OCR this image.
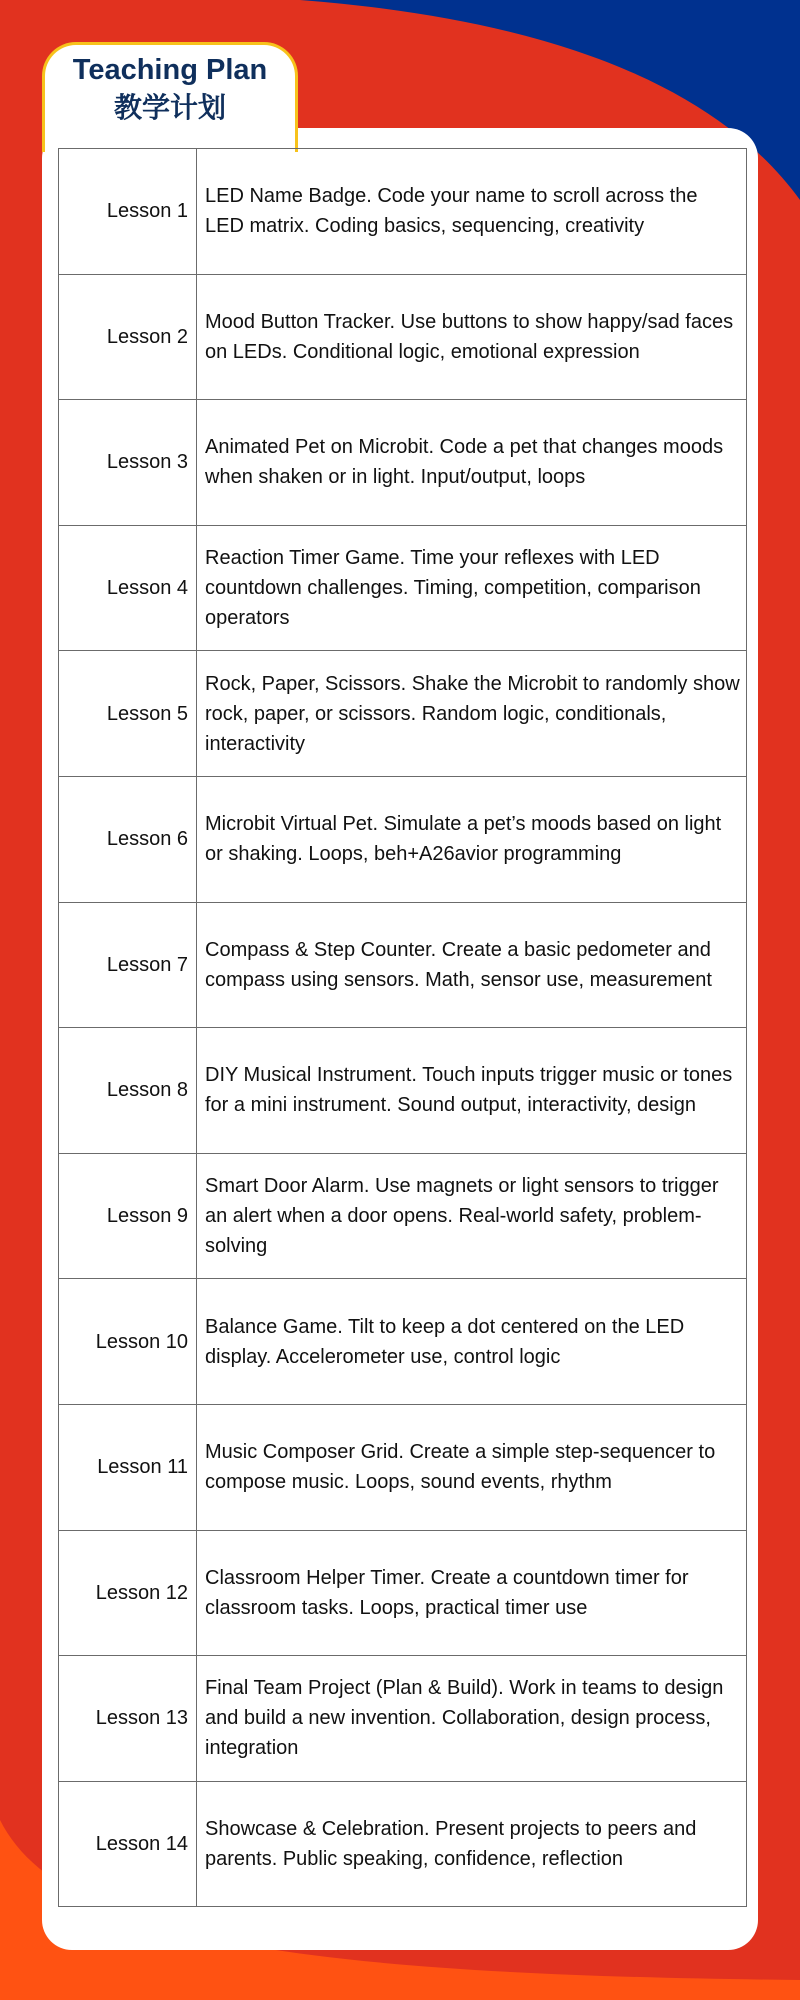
Teaching Plan
教学计划
Lesson 1	LED Name Badge. Code your name to scroll across the LED matrix. Coding basics, sequencing, creativity
Lesson 2	Mood Button Tracker. Use buttons to show happy/sad faces on LEDs. Conditional logic, emotional expression
Lesson 3	Animated Pet on Microbit. Code a pet that changes moods when shaken or in light. Input/output, loops
Lesson 4	Reaction Timer Game. Time your reflexes with LED countdown challenges. Timing, competition, comparison operators
Lesson 5	Rock, Paper, Scissors. Shake the Microbit to randomly show rock, paper, or scissors. Random logic, conditionals, interactivity
Lesson 6	Microbit Virtual Pet. Simulate a pet’s moods based on light or shaking. Loops, beh+A26avior programming
Lesson 7	Compass & Step Counter. Create a basic pedometer and compass using sensors. Math, sensor use, measurement
Lesson 8	DIY Musical Instrument. Touch inputs trigger music or tones for a mini instrument. Sound output, interactivity, design
Lesson 9	Smart Door Alarm. Use magnets or light sensors to trigger an alert when a door opens. Real-world safety, problem-solving
Lesson 10	Balance Game. Tilt to keep a dot centered on the LED display. Accelerometer use, control logic
Lesson 11	Music Composer Grid. Create a simple step-sequencer to compose music. Loops, sound events, rhythm
Lesson 12	Classroom Helper Timer. Create a countdown timer for classroom tasks. Loops, practical timer use
Lesson 13	Final Team Project (Plan & Build). Work in teams to design and build a new invention. Collaboration, design process, integration
Lesson 14	Showcase & Celebration. Present projects to peers and parents. Public speaking, confidence, reflection
